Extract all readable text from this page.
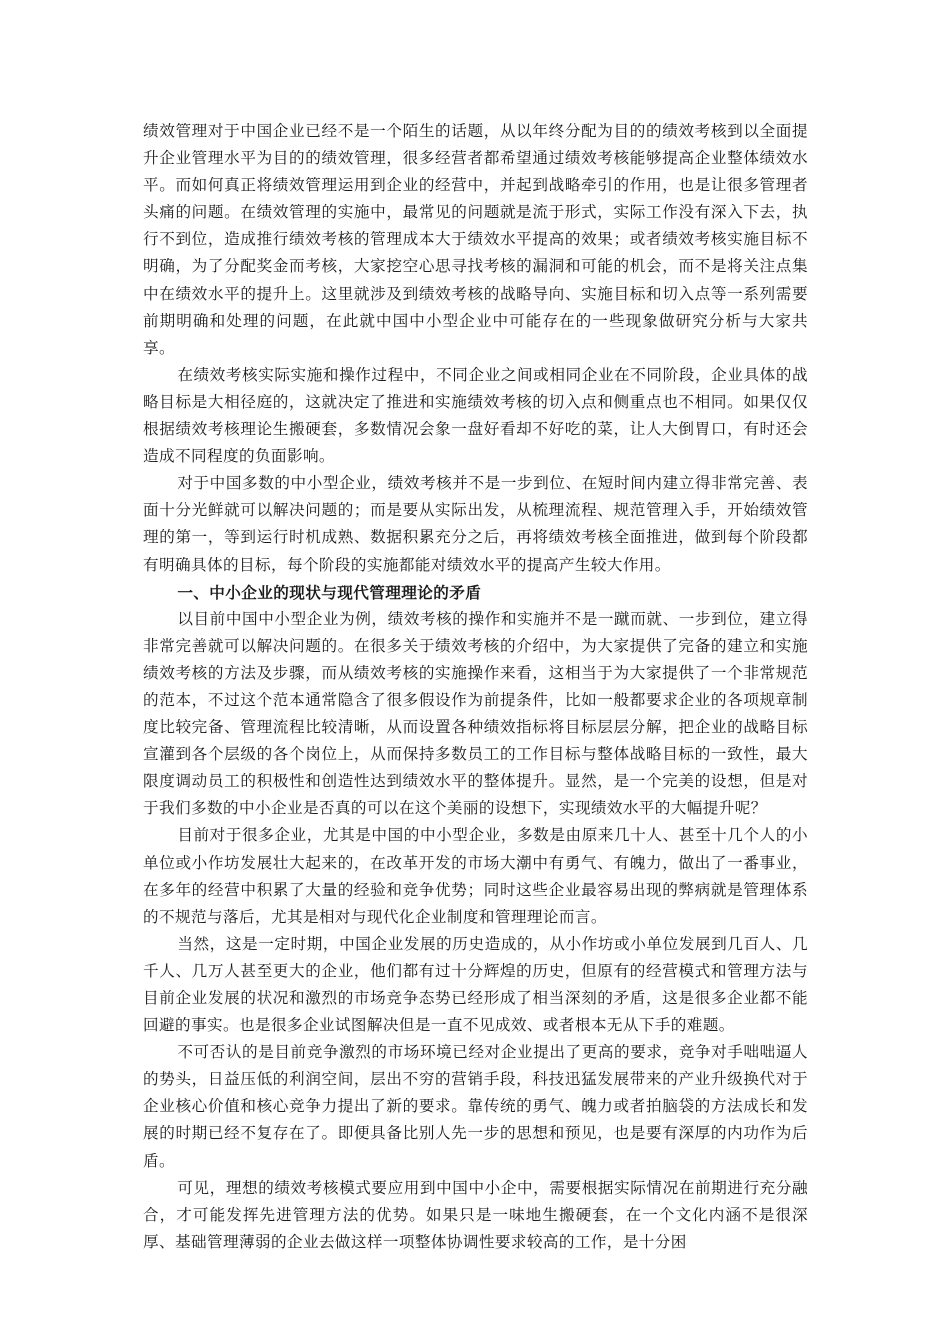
绩效管理对于中国企业已经不是一个陌生的话题，从以年终分配为目的的绩效考核到以全面提升企业管理水平为目的的绩效管理，很多经营者都希望通过绩效考核能够提高企业整体绩效水平。而如何真正将绩效管理运用到企业的经营中，并起到战略牵引的作用，也是让很多管理者头痛的问题。在绩效管理的实施中，最常见的问题就是流于形式，实际工作没有深入下去，执行不到位，造成推行绩效考核的管理成本大于绩效水平提高的效果；或者绩效考核实施目标不明确，为了分配奖金而考核，大家挖空心思寻找考核的漏洞和可能的机会，而不是将关注点集中在绩效水平的提升上。这里就涉及到绩效考核的战略导向、实施目标和切入点等一系列需要前期明确和处理的问题，在此就中国中小型企业中可能存在的一些现象做研究分析与大家共享。

在绩效考核实际实施和操作过程中，不同企业之间或相同企业在不同阶段，企业具体的战略目标是大相径庭的，这就决定了推进和实施绩效考核的切入点和侧重点也不相同。如果仅仅根据绩效考核理论生搬硬套，多数情况会象一盘好看却不好吃的菜，让人大倒胃口，有时还会造成不同程度的负面影响。

对于中国多数的中小型企业，绩效考核并不是一步到位、在短时间内建立得非常完善、表面十分光鲜就可以解决问题的；而是要从实际出发，从梳理流程、规范管理入手，开始绩效管理的第一，等到运行时机成熟、数据积累充分之后，再将绩效考核全面推进，做到每个阶段都有明确具体的目标，每个阶段的实施都能对绩效水平的提高产生较大作用。

一、中小企业的现状与现代管理理论的矛盾

以目前中国中小型企业为例，绩效考核的操作和实施并不是一蹴而就、一步到位，建立得非常完善就可以解决问题的。在很多关于绩效考核的介绍中，为大家提供了完备的建立和实施绩效考核的方法及步骤，而从绩效考核的实施操作来看，这相当于为大家提供了一个非常规范的范本，不过这个范本通常隐含了很多假设作为前提条件，比如一般都要求企业的各项规章制度比较完备、管理流程比较清晰，从而设置各种绩效指标将目标层层分解，把企业的战略目标宣灌到各个层级的各个岗位上，从而保持多数员工的工作目标与整体战略目标的一致性，最大限度调动员工的积极性和创造性达到绩效水平的整体提升。显然，是一个完美的设想，但是对于我们多数的中小企业是否真的可以在这个美丽的设想下，实现绩效水平的大幅提升呢？

目前对于很多企业，尤其是中国的中小型企业，多数是由原来几十人、甚至十几个人的小单位或小作坊发展壮大起来的，在改革开发的市场大潮中有勇气、有魄力，做出了一番事业，在多年的经营中积累了大量的经验和竞争优势；同时这些企业最容易出现的弊病就是管理体系的不规范与落后，尤其是相对与现代化企业制度和管理理论而言。

当然，这是一定时期，中国企业发展的历史造成的，从小作坊或小单位发展到几百人、几千人、几万人甚至更大的企业，他们都有过十分辉煌的历史，但原有的经营模式和管理方法与目前企业发展的状况和激烈的市场竞争态势已经形成了相当深刻的矛盾，这是很多企业都不能回避的事实。也是很多企业试图解决但是一直不见成效、或者根本无从下手的难题。

不可否认的是目前竞争激烈的市场环境已经对企业提出了更高的要求，竞争对手咄咄逼人的势头，日益压低的利润空间，层出不穷的营销手段，科技迅猛发展带来的产业升级换代对于企业核心价值和核心竞争力提出了新的要求。靠传统的勇气、魄力或者拍脑袋的方法成长和发展的时期已经不复存在了。即便具备比别人先一步的思想和预见，也是要有深厚的内功作为后盾。

可见，理想的绩效考核模式要应用到中国中小企中，需要根据实际情况在前期进行充分融合，才可能发挥先进管理方法的优势。如果只是一味地生搬硬套，在一个文化内涵不是很深厚、基础管理薄弱的企业去做这样一项整体协调性要求较高的工作，是十分困
